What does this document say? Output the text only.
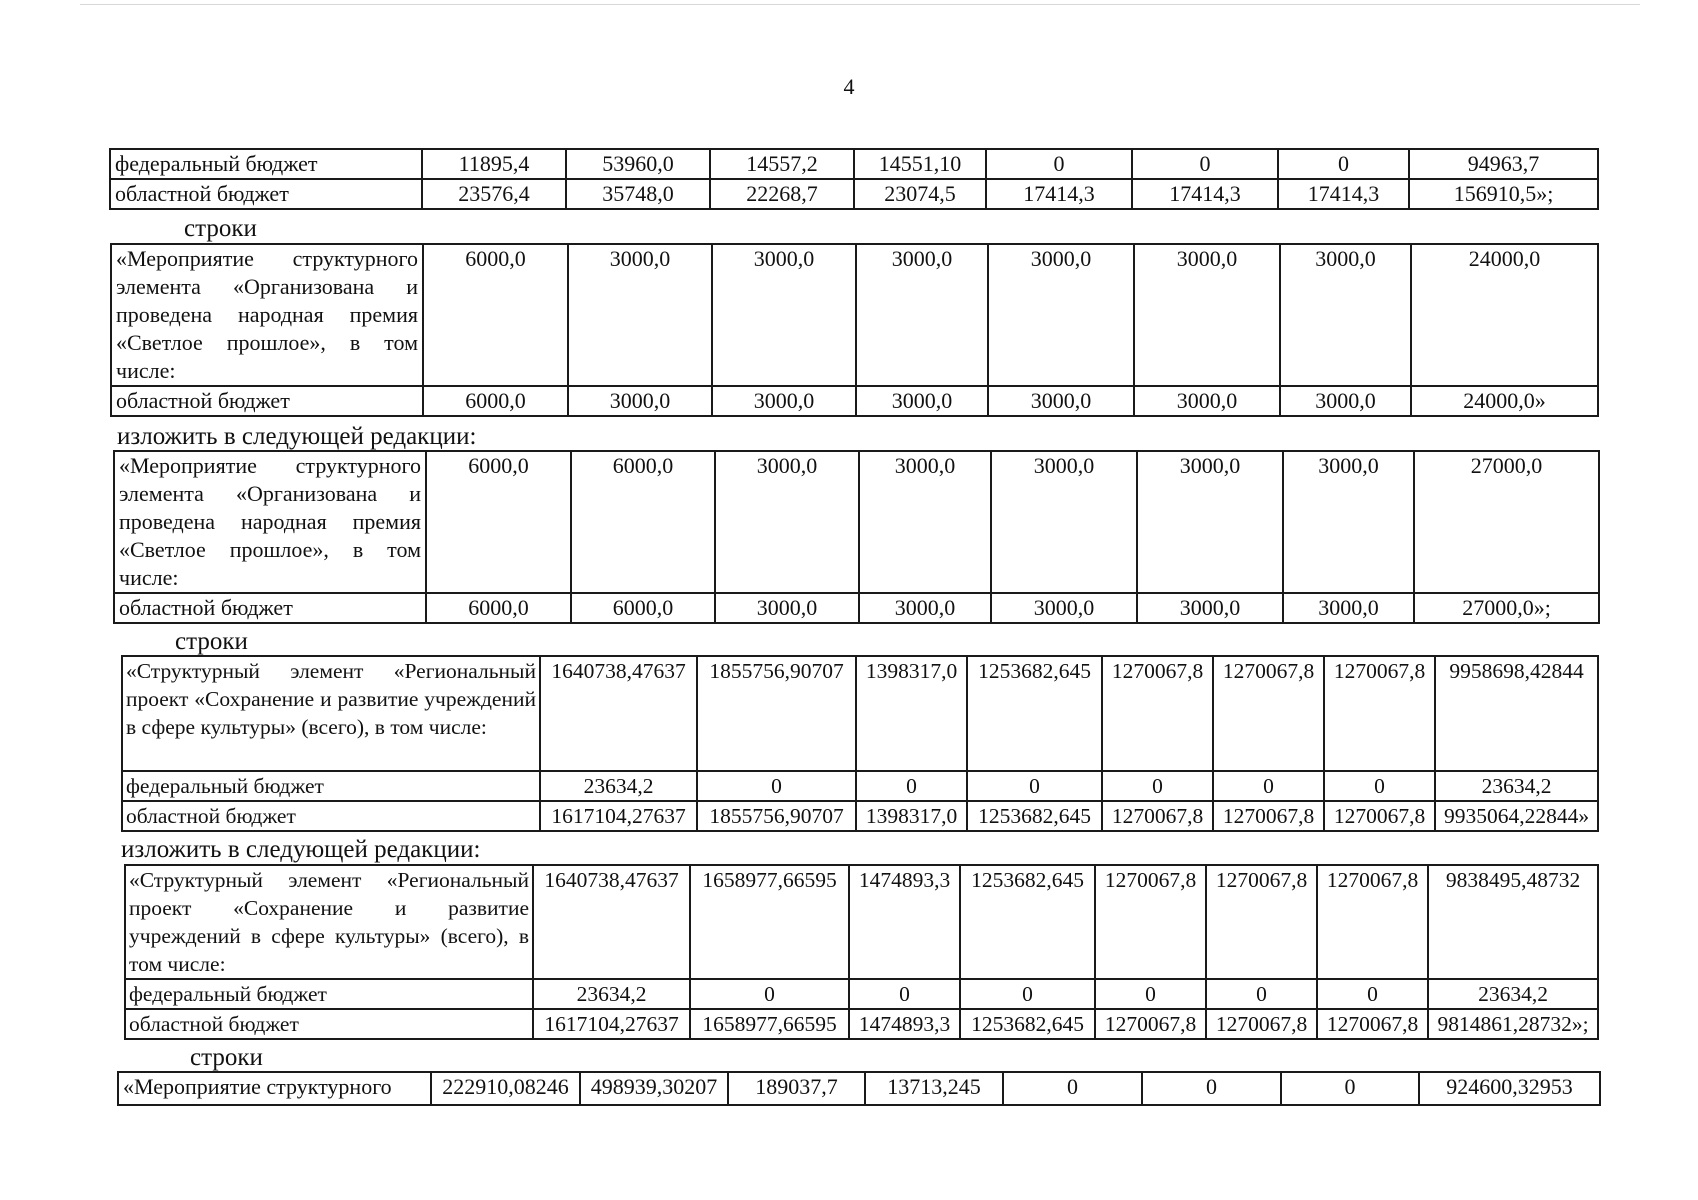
4
федеральный бюджет	11895,4	53960,0	14557,2	14551,10	0	0	0	94963,7
областной бюджет	23576,4	35748,0	22268,7	23074,5	17414,3	17414,3	17414,3	156910,5»;
строки
«Мероприятие структурного элемента «Организована и проведена народная премия «Светлое прошлое», в том числе:	6000,0	3000,0	3000,0	3000,0	3000,0	3000,0	3000,0	24000,0
областной бюджет	6000,0	3000,0	3000,0	3000,0	3000,0	3000,0	3000,0	24000,0»
изложить в следующей редакции:
«Мероприятие структурного элемента «Организована и проведена народная премия «Светлое прошлое», в том числе:	6000,0	6000,0	3000,0	3000,0	3000,0	3000,0	3000,0	27000,0
областной бюджет	6000,0	6000,0	3000,0	3000,0	3000,0	3000,0	3000,0	27000,0»;
строки
«Структурный элемент «Региональный проект «Сохранение и развитие учреждений в сфере культуры» (всего), в том числе:	1640738,47637	1855756,90707	1398317,0	1253682,645	1270067,8	1270067,8	1270067,8	9958698,42844
федеральный бюджет	23634,2	0	0	0	0	0	0	23634,2
областной бюджет	1617104,27637	1855756,90707	1398317,0	1253682,645	1270067,8	1270067,8	1270067,8	9935064,22844»
изложить в следующей редакции:
«Структурный элемент «Региональный проект «Сохранение и развитие учреждений в сфере культуры» (всего), в том числе:	1640738,47637	1658977,66595	1474893,3	1253682,645	1270067,8	1270067,8	1270067,8	9838495,48732
федеральный бюджет	23634,2	0	0	0	0	0	0	23634,2
областной бюджет	1617104,27637	1658977,66595	1474893,3	1253682,645	1270067,8	1270067,8	1270067,8	9814861,28732»;
строки
«Мероприятие структурного	222910,08246	498939,30207	189037,7	13713,245	0	0	0	924600,32953
